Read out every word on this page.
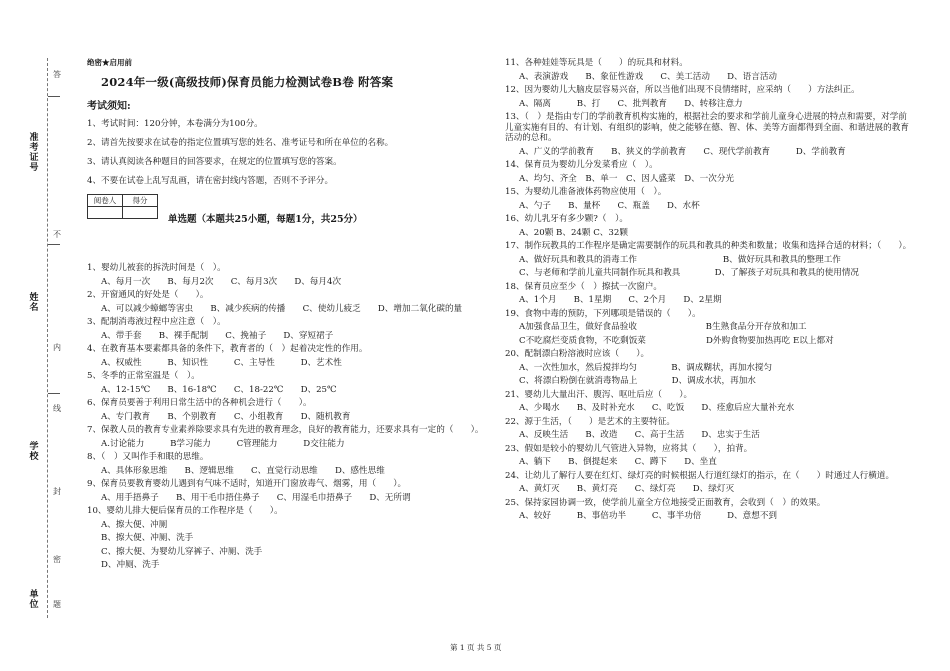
准考证号
姓名
学校
单位
答
不
内
线
封
密
题
绝密★启用前
2024年一级(高级技师)保育员能力检测试卷B卷 附答案
考试须知:
1、考试时间：120分钟，本卷满分为100分。
2、请首先按要求在试卷的指定位置填写您的姓名、准考证号和所在单位的名称。
3、请认真阅读各种题目的回答要求，在规定的位置填写您的答案。
4、不要在试卷上乱写乱画，请在密封线内答题，否则不予评分。
阅卷人	得分

单选题（本题共25小题，每题1分，共25分）
1、婴幼儿被套的拆洗时间是（　）。
A、每月一次　　B、每月2次　　C、每月3次　　D、每月4次
2、开窗通风的好处是（　　）。
A、可以减少蟑螂等害虫　　B、减少疾病的传播　　C、使幼儿疲乏　　D、增加二氧化碳的量
3、配制消毒液过程中应注意（　）。
A、带手套　　B、裸手配制　　C、挽袖子　　D、穿短裙子
4、在教育基本要素都具备的条件下，教育者的（　）起着决定性的作用。
A、权威性　　　B、知识性　　　C、主导性　　　D、艺术性
5、冬季的正常室温是（　）。
A、12-15℃　　B、16-18℃　　C、18-22℃　　D、25℃
6、保育员要善于利用日常生活中的各种机会进行（　　）。
A、专门教育　　B、个别教育　　C、小组教育　　D、随机教育
7、保教人员的教育专业素养除要求具有先进的教育理念，良好的教育能力，还要求具有一定的（　　）。
A.讨论能力　　　B学习能力　　　C管理能力　　　D交往能力
8、（　）又叫作手和眼的思维。
A、具体形象思维　　B、逻辑思维　　C、直觉行动思维　　D、感性思维
9、保育员要教育婴幼儿遇到有气味不适时，知道开门窗放毒气、烟雾，用（　　）。
A、用手捂鼻子　　B、用干毛巾捂住鼻子　　C、用湿毛巾捂鼻子　　D、无所谓
10、婴幼儿排大便后保育员的工作程序是（　　）。
A、擦大便、冲厕
B、擦大便、冲厕、洗手
C、擦大便、为婴幼儿穿裤子、冲厕、洗手
D、冲厕、洗手
11、各种娃娃等玩具是（　　）的玩具和材料。
A、表演游戏　　B、象征性游戏　　C、美工活动　　D、语言活动
12、因为婴幼儿大脑皮层容易兴奋，所以当他们出现不良情绪时，应采纳（　　）方法纠正。
A、隔离　　　B、打　　C、批判教育　　D、转移注意力
13、（　）是指由专门的学前教育机构实施的，根据社会的要求和学前儿童身心进展的特点和需要，对学前儿童实施有目的、有计划、有组织的影响，使之能够在德、智、体、美等方面都得到全面、和谐进展的教育活动的总和。
A、广义的学前教育　　B、狭义的学前教育　　C、现代学前教育　　　D、学前教育
14、保育员为婴幼儿分发菜肴应（　）。
A、均匀、齐全　B、单一　C、因人盛菜　D、一次分光
15、为婴幼儿准备液体药物应使用（　）。
A、勺子　　B、量杯　　C、瓶盖　　D、水杯
16、幼儿乳牙有多少颗?（　）。
A、20颗 B、24颗 C、32颗
17、制作玩教具的工作程序是确定需要制作的玩具和教具的种类和数量；收集和选择合适的材料；（　　）。
A、做好玩具和教具的消毒工作　　　　　　　　　　B、做好玩具和教具的整理工作
C、与老师和学前儿童共同制作玩具和教具　　　　D、了解孩子对玩具和教具的使用情况
18、保育员应至少（　）擦拭一次窗户。
A、1个月　　B、1星期　　C、2个月　　D、2星期
19、食物中毒的预防，下列哪项是错误的（　　）。
A加强食品卫生，做好食品验收　　　　　　　　B生熟食品分开存放和加工
C不吃腐烂变质食物，不吃剩饭菜　　　　　　　D外购食物要加热再吃 E以上都对
20、配制漂白粉溶液时应该（　　）。
A、一次性加水，然后搅拌均匀　　　　B、调成糊状，再加水搅匀
C、将漂白粉倒在就消毒物品上　　　　D、调成水状，再加水
21、婴幼儿大量出汗、腹泻、呕吐后应（　　）。
A、少喝水　　B、及时补充水　　C、吃饭　　D、痊愈后应大量补充水
22、源于生活，（　　）是艺术的主要特征。
A、反映生活　　B、改造　　C、高于生活　　D、忠实于生活
23、假如是较小的婴幼儿气管进入异物，应将其（　　），拍背。
A、躺下　　B、倒提起来　　C、蹲下　　D、坐直
24、让幼儿了解行人要在红灯、绿灯亮的时候根据人行道红绿灯的指示，在（　　）时通过人行横道。
A、黄灯灭　　B、黄灯亮　　C、绿灯亮　　D、绿灯灭
25、保持家园协调一致，使学前儿童全方位地接受正面教育，会收到（　）的效果。
A、较好　　　B、事倍功半　　　C、事半功倍　　　D、意想不到
第 1 页 共 5 页
